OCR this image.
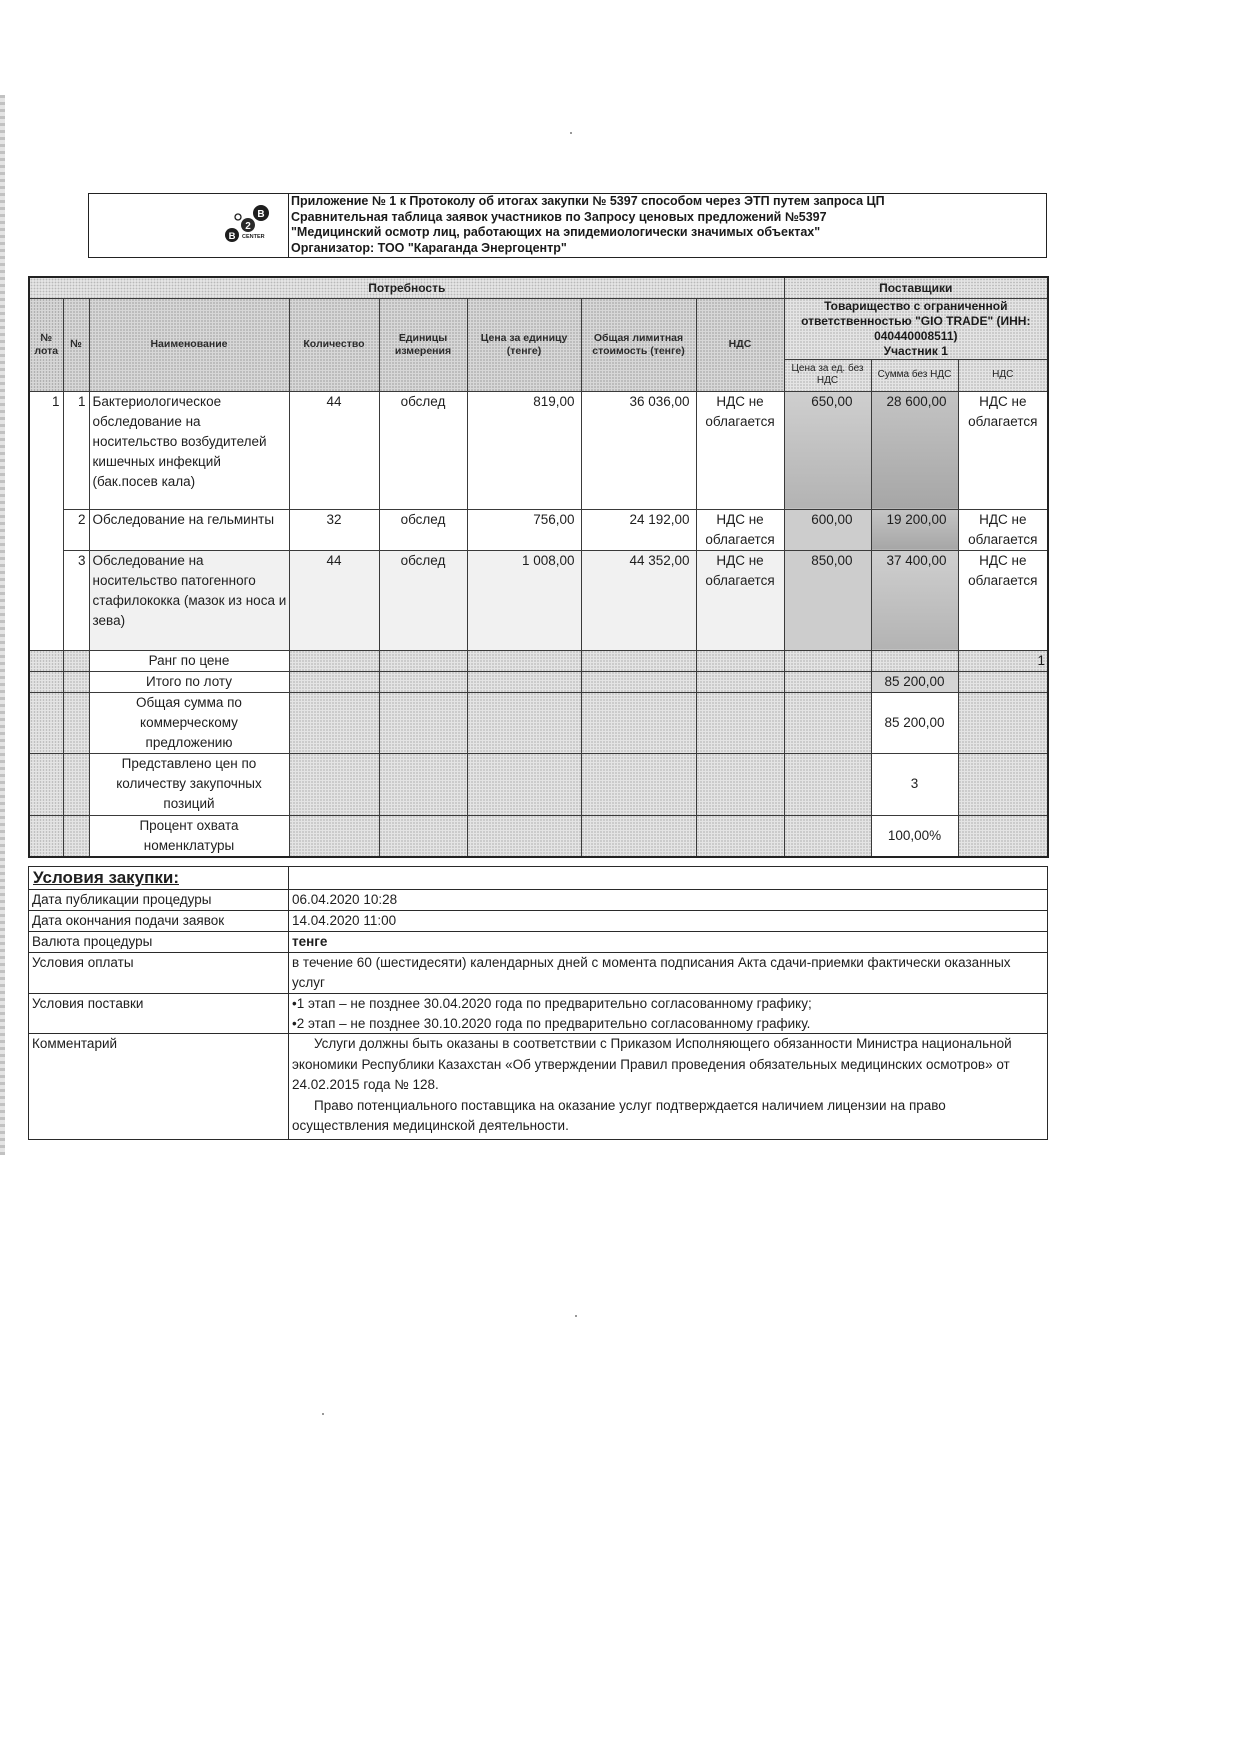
B
2
B CENTER
Приложение № 1 к Протоколу об итогах закупки № 5397 способом через ЭТП путем запроса ЦП
Сравнительная таблица заявок участников по Запросу ценовых предложений №5397
"Медицинский осмотр лиц, работающих на эпидемиологически значимых объектах"
Организатор: ТОО "Караганда Энергоцентр"
Потребность								Поставщики		
№ лота	№	Наименование	Количество	Единицы измерения	Цена за единицу (тенге)	Общая лимитная стоимость (тенге)	НДС	Товарищество с ограниченной ответственностью "GIO TRADE" (ИНН: 040440008511)
Участник 1		

								Цена за ед. без НДС	Сумма без НДС	НДС
1	1	Бактериологическое обследование на носительство возбудителей кишечных инфекций (бак.посев кала)	44	обслед	819,00	36 036,00	НДС не облагается	650,00	28 600,00	НДС не облагается
	2	Обследование на гельминты	32	обслед	756,00	24 192,00	НДС не облагается	600,00	19 200,00	НДС не облагается
	3	Обследование на носительство патогенного стафилококка (мазок из носа и зева)	44	обслед	1 008,00	44 352,00	НДС не облагается	850,00	37 400,00	НДС не облагается
		Ранг по цене								1
		Итого по лоту							85 200,00	
		Общая сумма по коммерческому предложению							85 200,00	
		Представлено цен по количеству закупочных позиций							3	
		Процент охвата номенклатуры							100,00%	
Условия закупки:	
Дата публикации процедуры	06.04.2020 10:28
Дата окончания подачи заявок	14.04.2020 11:00
Валюта процедуры	тенге
Условия оплаты	в течение 60 (шестидесяти) календарных дней с момента подписания Акта сдачи-приемки фактически оказанных услуг
Условия поставки	•1 этап – не позднее 30.04.2020 года по предварительно согласованному графику;
•2 этап – не позднее 30.10.2020 года по предварительно согласованному графику.

Комментарий	Услуги должны быть оказаны в соответствии с Приказом Исполняющего обязанности Министра национальной экономики Республики Казахстан «Об утверждении Правил проведения обязательных медицинских осмотров» от 24.02.2015 года № 128.

Право потенциального поставщика на оказание услуг подтверждается наличием лицензии на право осуществления медицинской деятельности.
